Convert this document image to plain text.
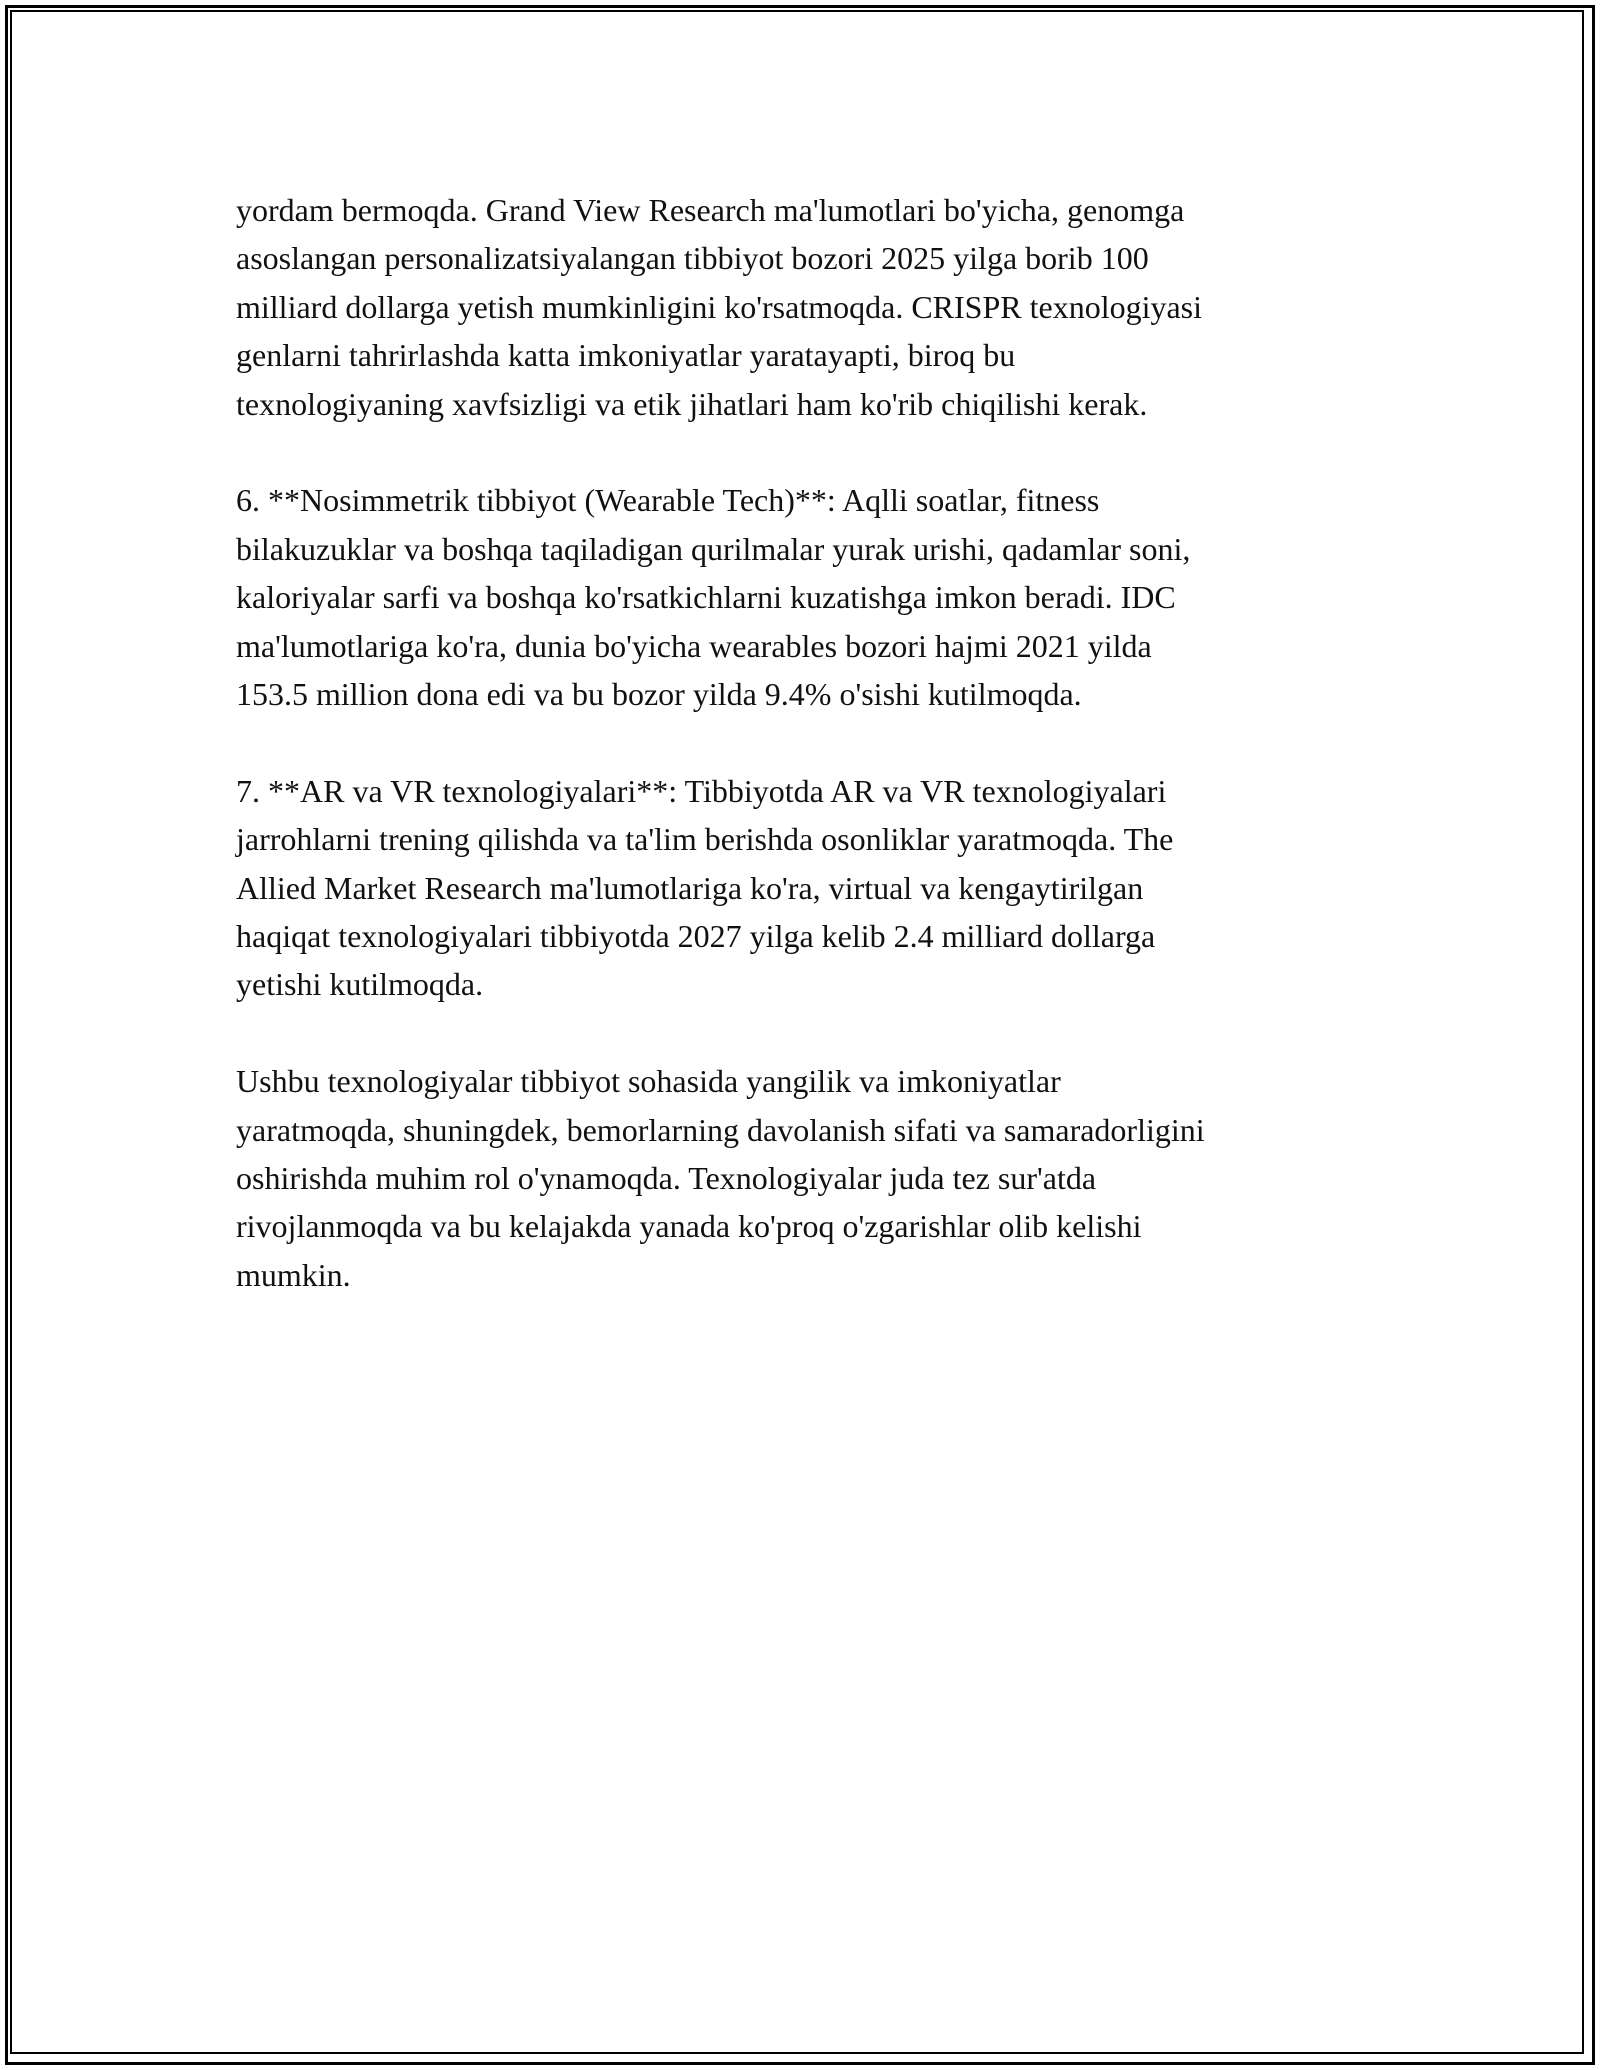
yordam bermoqda. Grand View Research ma'lumotlari bo'yicha, genomga
asoslangan personalizatsiyalangan tibbiyot bozori 2025 yilga borib 100
milliard dollarga yetish mumkinligini ko'rsatmoqda. CRISPR texnologiyasi
genlarni tahrirlashda katta imkoniyatlar yaratayapti, biroq bu
texnologiyaning xavfsizligi va etik jihatlari ham ko'rib chiqilishi kerak.

6. **Nosimmetrik tibbiyot (Wearable Tech)**: Aqlli soatlar, fitness
bilakuzuklar va boshqa taqiladigan qurilmalar yurak urishi, qadamlar soni,
kaloriyalar sarfi va boshqa ko'rsatkichlarni kuzatishga imkon beradi. IDC
ma'lumotlariga ko'ra, dunia bo'yicha wearables bozori hajmi 2021 yilda
153.5 million dona edi va bu bozor yilda 9.4% o'sishi kutilmoqda.

7. **AR va VR texnologiyalari**: Tibbiyotda AR va VR texnologiyalari
jarrohlarni trening qilishda va ta'lim berishda osonliklar yaratmoqda. The
Allied Market Research ma'lumotlariga ko'ra, virtual va kengaytirilgan
haqiqat texnologiyalari tibbiyotda 2027 yilga kelib 2.4 milliard dollarga
yetishi kutilmoqda.

Ushbu texnologiyalar tibbiyot sohasida yangilik va imkoniyatlar
yaratmoqda, shuningdek, bemorlarning davolanish sifati va samaradorligini
oshirishda muhim rol o'ynamoqda. Texnologiyalar juda tez sur'atda
rivojlanmoqda va bu kelajakda yanada ko'proq o'zgarishlar olib kelishi
mumkin.
